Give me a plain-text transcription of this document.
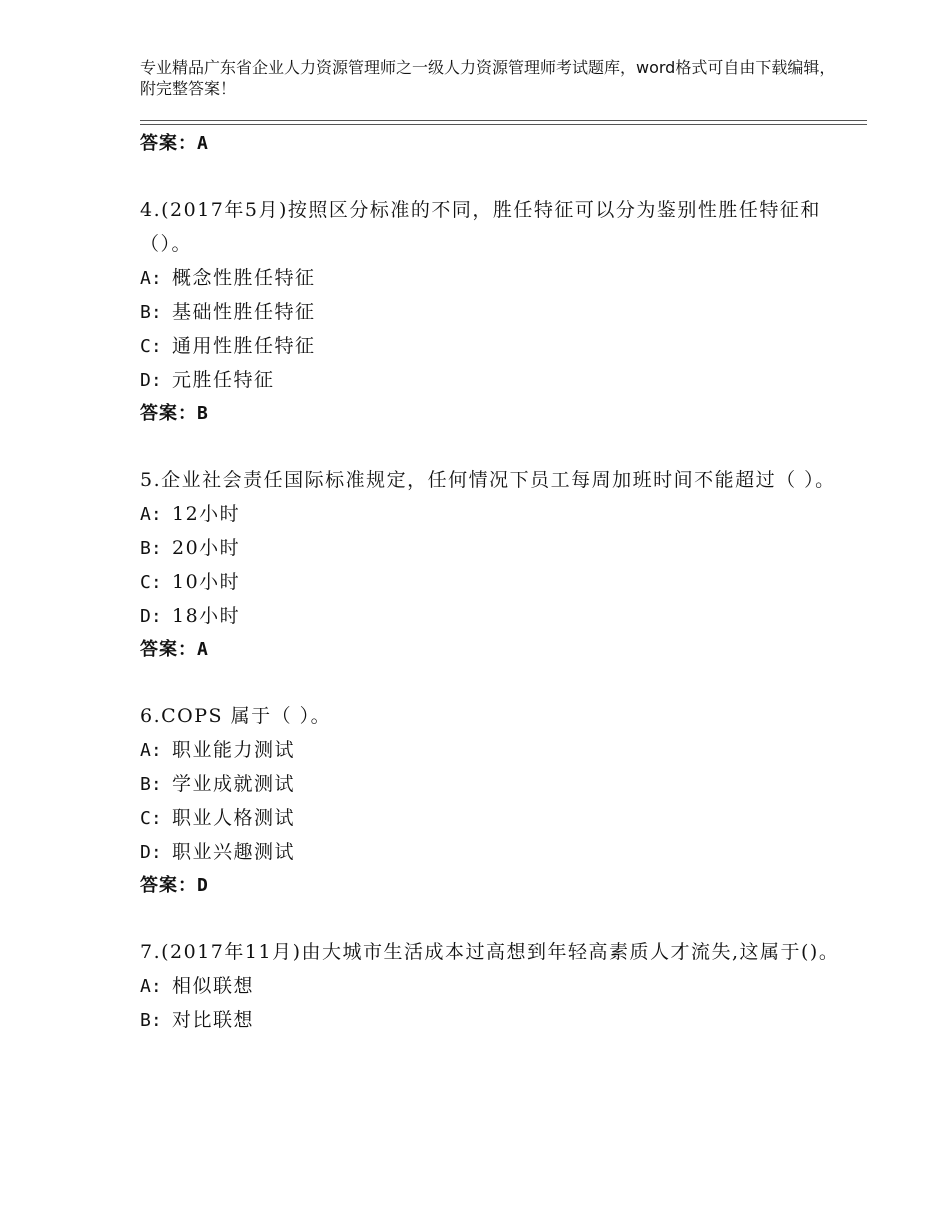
专业精品广东省企业人力资源管理师之一级人力资源管理师考试题库，word格式可自由下载编辑，附完整答案！
答案： A
4.(2017年5月)按照区分标准的不同，胜任特征可以分为鉴别性胜任特征和（）。
A: 概念性胜任特征
B: 基础性胜任特征
C: 通用性胜任特征
D: 元胜任特征
答案： B
5.企业社会责任国际标准规定，任何情况下员工每周加班时间不能超过（ ）。
A: 12小时
B: 20小时
C: 10小时
D: 18小时
答案： A
6.COPS 属于（ ）。
A: 职业能力测试
B: 学业成就测试
C: 职业人格测试
D: 职业兴趣测试
答案： D
7.(2017年11月)由大城市生活成本过高想到年轻高素质人才流失,这属于()。
A: 相似联想
B: 对比联想
